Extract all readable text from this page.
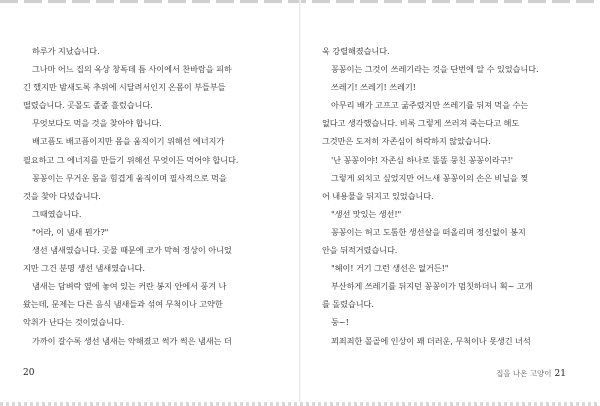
하루가 지났습니다.
그나마 어느 집의 옥상 창독데 틈 사이에서 찬바람을 피하
긴 했지만 밤새도록 추위에 시달려서인지 온몸이 부들부들
떨렸습니다. 곳몰도 졸졸 흘렀습니다.
무엇보다도 먹을 것을 찾아야 합니다.
배고픔도 배고픔이지만 몸을 움직이기 위해선 에너지가
필요하고 그 에너지를 만들기 위해선 무엇이든 먹어야 합니다.
꽁꽁이는 무거운 몸을 힘겹게 움직이며 필사적으로 먹을
것을 찾아 다녔습니다.
그때였습니다.
"어라, 이 냄새 뭔가?"
생선 냄새였습니다. 곳물 때문에 코가 막혀 정상이 아니었
지만 그건 분명 생선 냄새였습니다.
냄새는 담벼락 옆에 놓여 있는 커란 봉지 안에서 풍겨 나
왔는데, 문제는 다른 음식 냄새들과 섞여 무척이나 고약한
악취가 난다는 것이었습니다.
가까이 갈수록 생선 냄새는 약해졌고 썩가 썩은 냄새는 더
욱 강렬해졌습니다.
꽁꽁이는 그것이 쓰레기라는 것을 단번에 알 수 있었습니다.
쓰레기! 쓰레기! 쓰레기!
아무리 배가 고프고 굶주렸지만 쓰레기를 뒤져 먹을 수는
없다고 생각했습니다. 비록 그렇게 쓰러져 죽는다고 해도
그것만은 도저히 자존심이 허락하지 않았습니다.
'난 꽁꽁이야! 자존심 하나로 똘똘 뭉친 꽁꽁이라구!'
그렇게 외치고 싶었지만 어느새 꽁꽁이의 손은 비닐을 찢
어 내용물을 뒤지고 있었습니다.
"생선 맛있는 생선!"
꽁꽁이는 허고 도톰한 생선살을 떠올리며 정신없이 봉지
안을 뒤적거렸습니다.
"헤이! 거기 그런 생선은 없거든!"
부산하게 쓰레기를 뒤지던 꽁꽁이가 멈칫하더니 획~ 고개
를 돌렸습니다.
둥~!
꾀죄죄한 몰골에 인상이 꽤 더러운, 무척이나 못생긴 녀석
20	집을 나온 고양이 21
